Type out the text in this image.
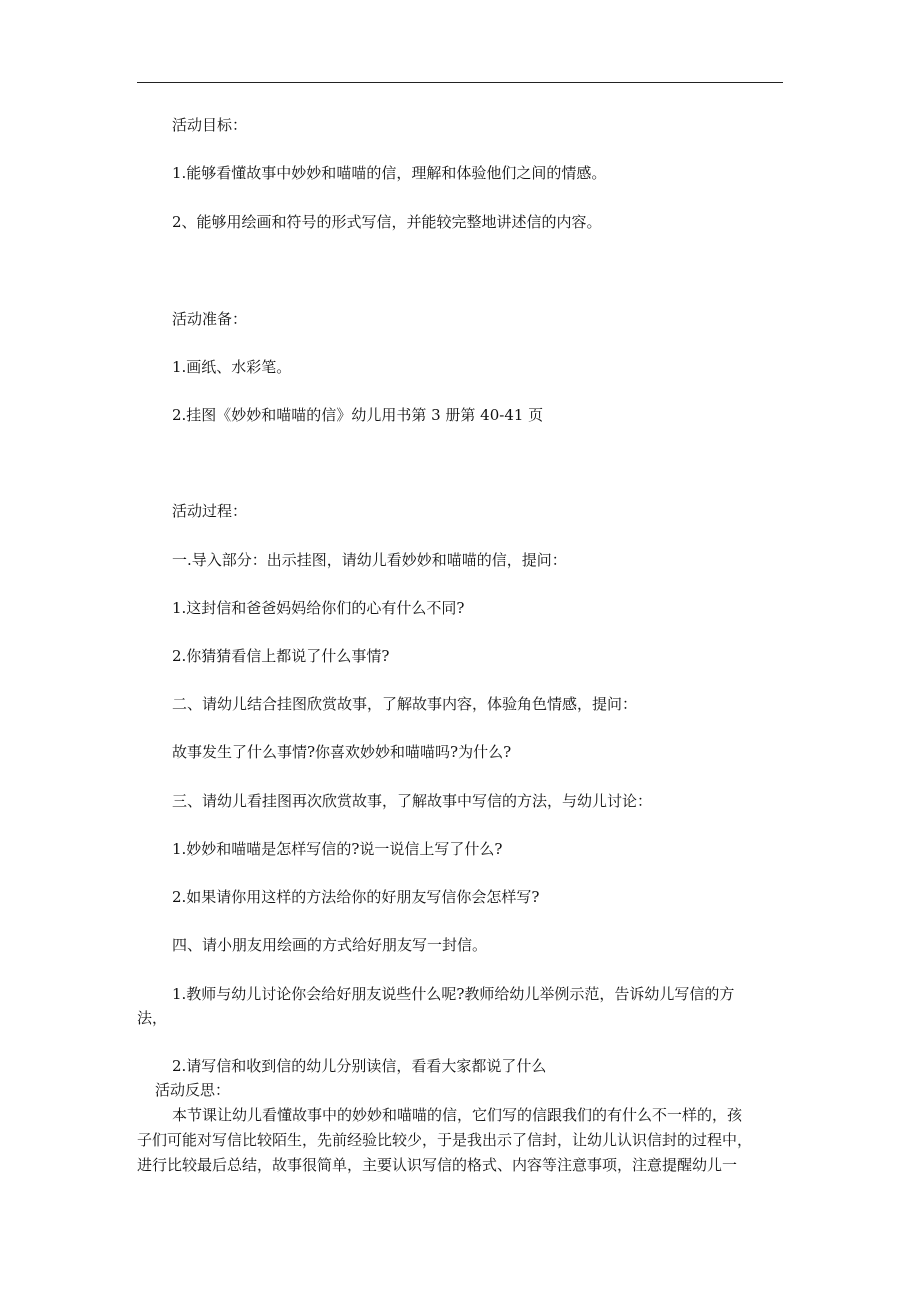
活动目标：
1.能够看懂故事中妙妙和喵喵的信，理解和体验他们之间的情感。
2、能够用绘画和符号的形式写信，并能较完整地讲述信的内容。
活动准备：
1.画纸、水彩笔。
2.挂图《妙妙和喵喵的信》幼儿用书第 3 册第 40-41 页
活动过程：
一.导入部分：出示挂图，请幼儿看妙妙和喵喵的信，提问：
1.这封信和爸爸妈妈给你们的心有什么不同?
2.你猜猜看信上都说了什么事情?
二、请幼儿结合挂图欣赏故事，了解故事内容，体验角色情感，提问：
故事发生了什么事情?你喜欢妙妙和喵喵吗?为什么?
三、请幼儿看挂图再次欣赏故事，了解故事中写信的方法，与幼儿讨论：
1.妙妙和喵喵是怎样写信的?说一说信上写了什么?
2.如果请你用这样的方法给你的好朋友写信你会怎样写?
四、请小朋友用绘画的方式给好朋友写一封信。
1.教师与幼儿讨论你会给好朋友说些什么呢?教师给幼儿举例示范，告诉幼儿写信的方
法，
2.请写信和收到信的幼儿分别读信，看看大家都说了什么
活动反思：
本节课让幼儿看懂故事中的妙妙和喵喵的信，它们写的信跟我们的有什么不一样的，孩
子们可能对写信比较陌生，先前经验比较少，于是我出示了信封，让幼儿认识信封的过程中，
进行比较最后总结，故事很简单，主要认识写信的格式、内容等注意事项，注意提醒幼儿一
